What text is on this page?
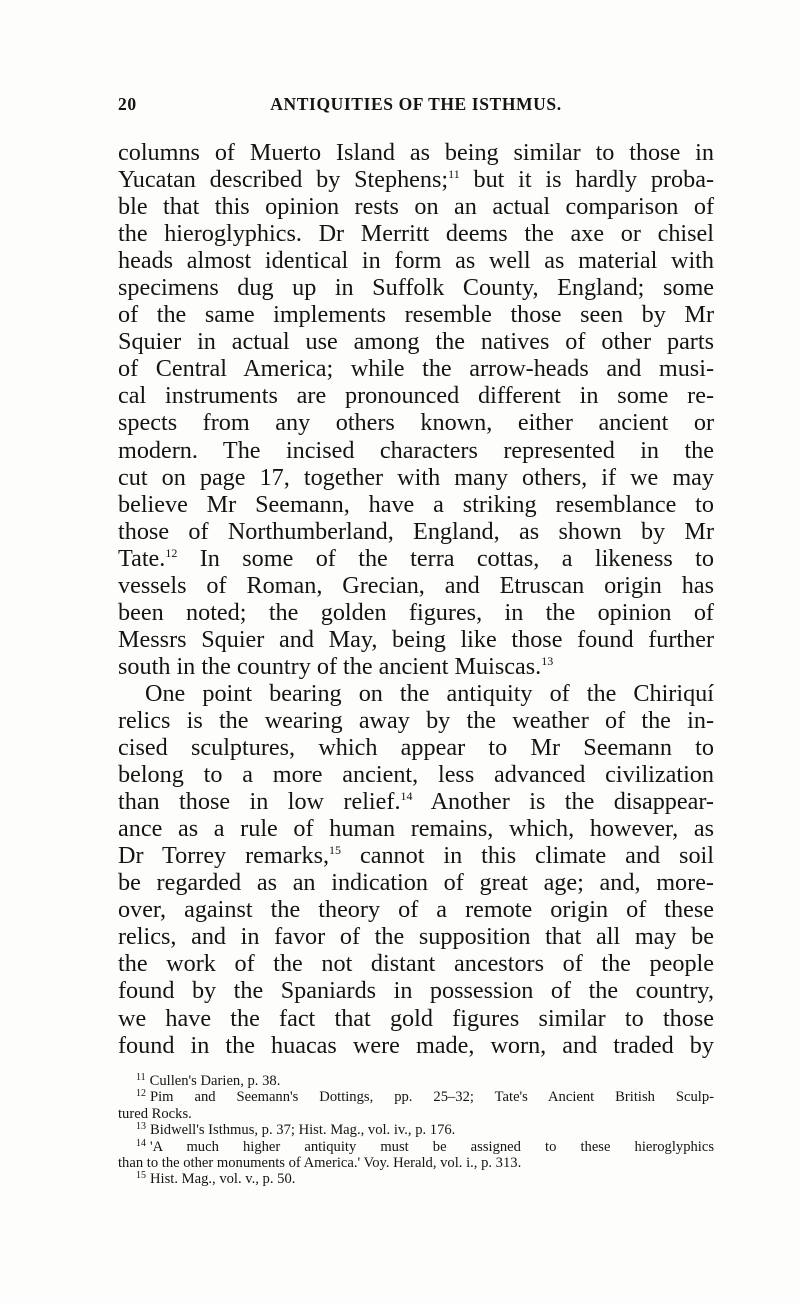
20	ANTIQUITIES OF THE ISTHMUS.
columns of Muerto Island as being similar to those in
Yucatan described by Stephens;$^{11}$ but it is hardly proba-
ble that this opinion rests on an actual comparison of
the hieroglyphics. Dr Merritt deems the axe or chisel
heads almost identical in form as well as material with
specimens dug up in Suffolk County, England; some
of the same implements resemble those seen by Mr
Squier in actual use among the natives of other parts
of Central America; while the arrow-heads and musi-
cal instruments are pronounced different in some re-
spects from any others known, either ancient or
modern. The incised characters represented in the
cut on page 17, together with many others, if we may
believe Mr Seemann, have a striking resemblance to
those of Northumberland, England, as shown by Mr
Tate.$^{12}$ In some of the terra cottas, a likeness to
vessels of Roman, Grecian, and Etruscan origin has
been noted; the golden figures, in the opinion of
Messrs Squier and May, being like those found further
south in the country of the ancient Muiscas.$^{13}$
One point bearing on the antiquity of the Chiriquí
relics is the wearing away by the weather of the in-
cised sculptures, which appear to Mr Seemann to
belong to a more ancient, less advanced civilization
than those in low relief.$^{14}$ Another is the disappear-
ance as a rule of human remains, which, however, as
Dr Torrey remarks,$^{15}$ cannot in this climate and soil
be regarded as an indication of great age; and, more-
over, against the theory of a remote origin of these
relics, and in favor of the supposition that all may be
the work of the not distant ancestors of the people
found by the Spaniards in possession of the country,
we have the fact that gold figures similar to those
found in the huacas were made, worn, and traded by
$^{11}$ Cullen's Darien, p. 38.
$^{12}$ Pim and Seemann's Dottings, pp. 25–32; Tate's Ancient British Sculp-
tured Rocks.
$^{13}$ Bidwell's Isthmus, p. 37; Hist. Mag., vol. iv., p. 176.
$^{14}$ 'A much higher antiquity must be assigned to these hieroglyphics
than to the other monuments of America.' Voy. Herald, vol. i., p. 313.
$^{15}$ Hist. Mag., vol. v., p. 50.
